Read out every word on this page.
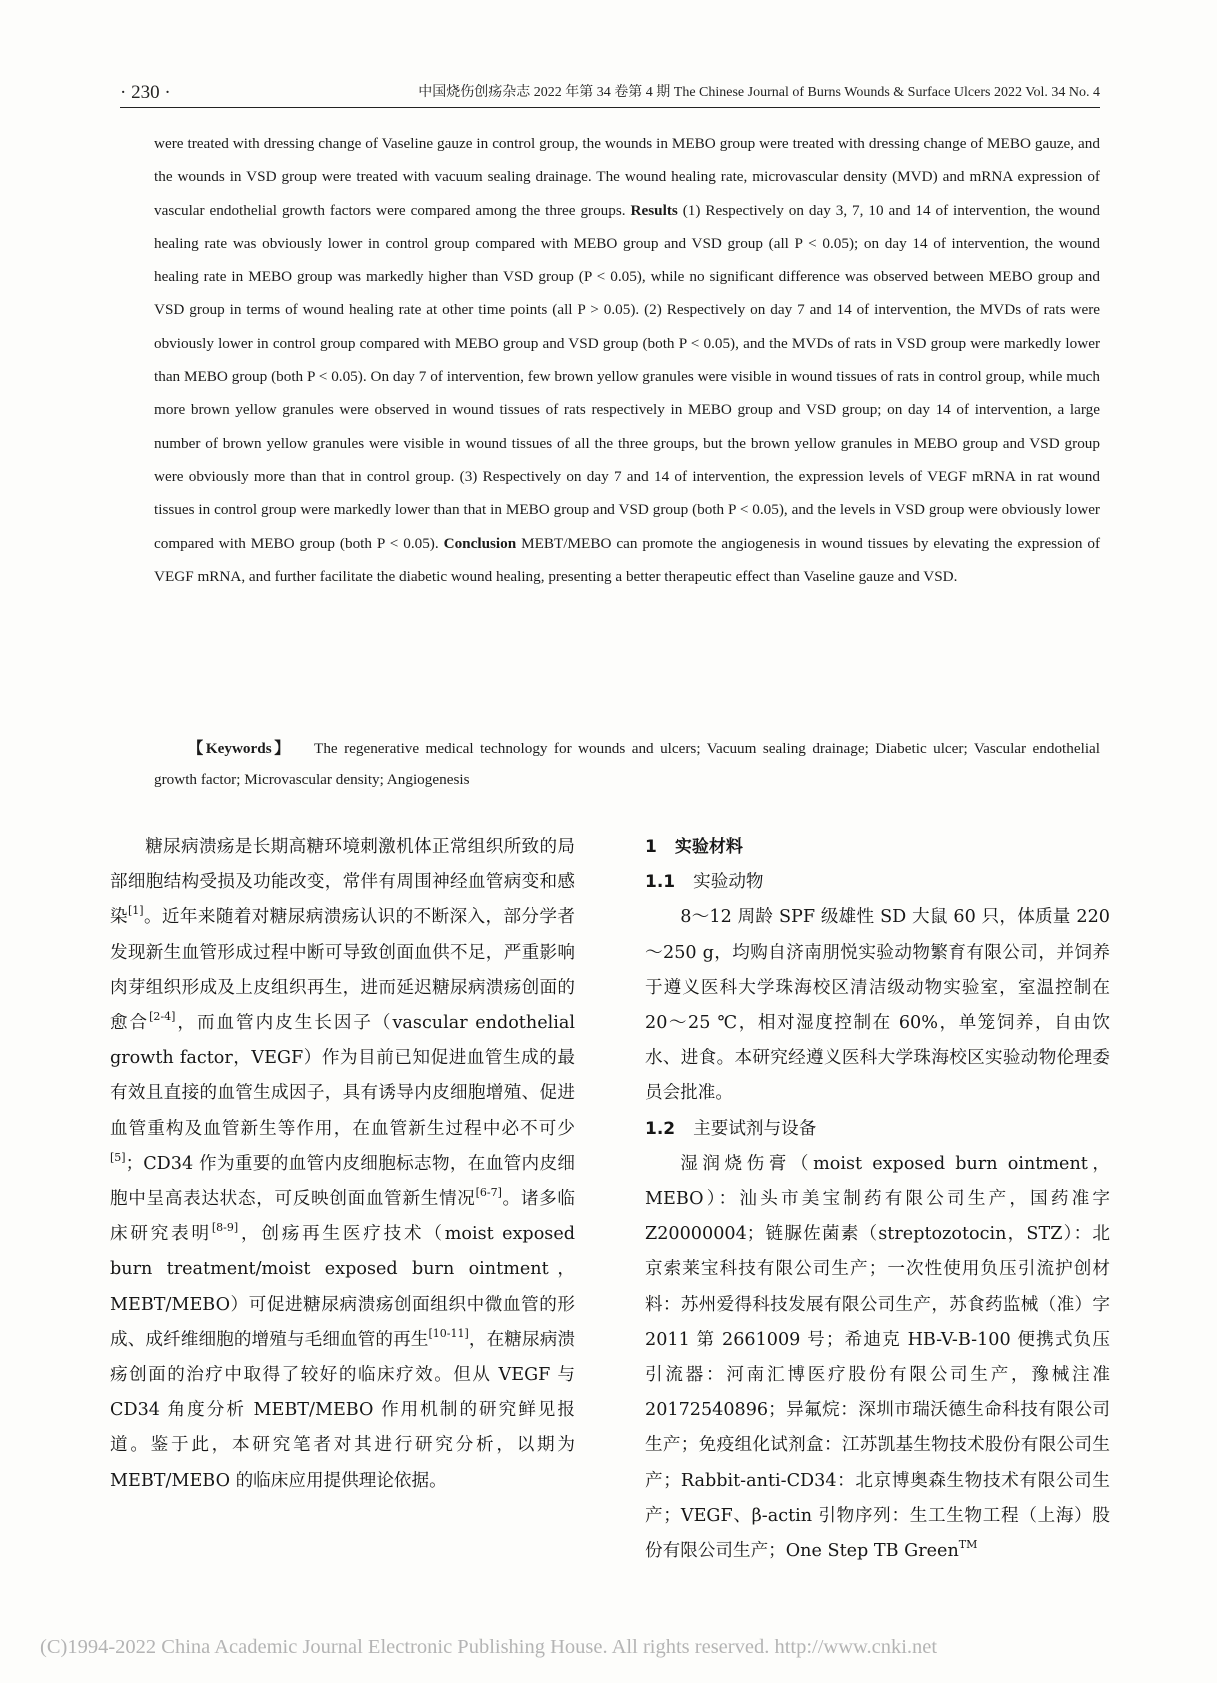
· 230 ·	中国烧伤创疡杂志 2022 年第 34 卷第 4 期 The Chinese Journal of Burns Wounds & Surface Ulcers 2022 Vol. 34 No. 4

were treated with dressing change of Vaseline gauze in control group, the wounds in MEBO group were treated with dressing change of MEBO gauze, and the wounds in VSD group were treated with vacuum sealing drainage. The wound healing rate, microvascular density (MVD) and mRNA expression of vascular endothelial growth factors were compared among the three groups. Results (1) Respectively on day 3, 7, 10 and 14 of intervention, the wound healing rate was obviously lower in control group compared with MEBO group and VSD group (all P < 0.05); on day 14 of intervention, the wound healing rate in MEBO group was markedly higher than VSD group (P < 0.05), while no significant difference was observed between MEBO group and VSD group in terms of wound healing rate at other time points (all P > 0.05). (2) Respectively on day 7 and 14 of intervention, the MVDs of rats were obviously lower in control group compared with MEBO group and VSD group (both P < 0.05), and the MVDs of rats in VSD group were markedly lower than MEBO group (both P < 0.05). On day 7 of intervention, few brown yellow granules were visible in wound tissues of rats in control group, while much more brown yellow granules were observed in wound tissues of rats respectively in MEBO group and VSD group; on day 14 of intervention, a large number of brown yellow granules were visible in wound tissues of all the three groups, but the brown yellow granules in MEBO group and VSD group were obviously more than that in control group. (3) Respectively on day 7 and 14 of intervention, the expression levels of VEGF mRNA in rat wound tissues in control group were markedly lower than that in MEBO group and VSD group (both P < 0.05), and the levels in VSD group were obviously lower compared with MEBO group (both P < 0.05). Conclusion MEBT/MEBO can promote the angiogenesis in wound tissues by elevating the expression of VEGF mRNA, and further facilitate the diabetic wound healing, presenting a better therapeutic effect than Vaseline gauze and VSD.

【Keywords】 The regenerative medical technology for wounds and ulcers; Vacuum sealing drainage; Diabetic ulcer; Vascular endothelial growth factor; Microvascular density; Angiogenesis

糖尿病溃疡是长期高糖环境刺激机体正常组织所致的局部细胞结构受损及功能改变，常伴有周围神经血管病变和感染[1]。近年来随着对糖尿病溃疡认识的不断深入，部分学者发现新生血管形成过程中断可导致创面血供不足，严重影响肉芽组织形成及上皮组织再生，进而延迟糖尿病溃疡创面的愈合[2-4]，而血管内皮生长因子（vascular endothelial growth factor，VEGF）作为目前已知促进血管生成的最有效且直接的血管生成因子，具有诱导内皮细胞增殖、促进血管重构及血管新生等作用，在血管新生过程中必不可少[5]；CD34 作为重要的血管内皮细胞标志物，在血管内皮细胞中呈高表达状态，可反映创面血管新生情况[6-7]。诸多临床研究表明[8-9]，创疡再生医疗技术（moist exposed burn treatment/moist exposed burn ointment，MEBT/MEBO）可促进糖尿病溃疡创面组织中微血管的形成、成纤维细胞的增殖与毛细血管的再生[10-11]，在糖尿病溃疡创面的治疗中取得了较好的临床疗效。但从 VEGF 与 CD34 角度分析 MEBT/MEBO 作用机制的研究鲜见报道。鉴于此，本研究笔者对其进行研究分析，以期为 MEBT/MEBO 的临床应用提供理论依据。

1 实验材料

1.1 实验动物

8～12 周龄 SPF 级雄性 SD 大鼠 60 只，体质量 220～250 g，均购自济南朋悦实验动物繁育有限公司，并饲养于遵义医科大学珠海校区清洁级动物实验室，室温控制在 20～25 ℃，相对湿度控制在 60%，单笼饲养，自由饮水、进食。本研究经遵义医科大学珠海校区实验动物伦理委员会批准。

1.2 主要试剂与设备

湿润烧伤膏（moist exposed burn ointment，MEBO）：汕头市美宝制药有限公司生产，国药准字 Z20000004；链脲佐菌素（streptozotocin，STZ）：北京索莱宝科技有限公司生产；一次性使用负压引流护创材料：苏州爱得科技发展有限公司生产，苏食药监械（准）字 2011 第 2661009 号；希迪克 HB-V-B-100 便携式负压引流器：河南汇博医疗股份有限公司生产，豫械注准 20172540896；异氟烷：深圳市瑞沃德生命科技有限公司生产；免疫组化试剂盒：江苏凯基生物技术股份有限公司生产；Rabbit-anti-CD34：北京博奥森生物技术有限公司生产；VEGF、β-actin 引物序列：生工生物工程（上海）股份有限公司生产；One Step TB Green™

(C)1994-2022 China Academic Journal Electronic Publishing House. All rights reserved. http://www.cnki.net
